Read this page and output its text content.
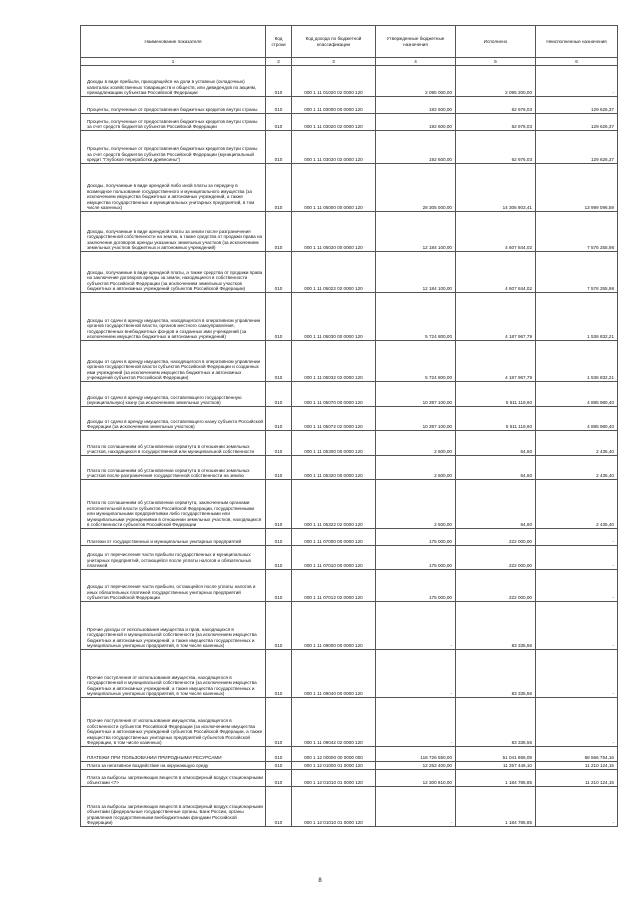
Наименование показателя	Код строки	Код дохода по бюджетной классификации	Утвержденные бюджетные назначения	Исполнено	Неисполненные назначения
1	2	3	4	5	6
Доходы в виде прибыли, приходящейся на доли в уставных (складочных) капиталах хозяйственных товариществ и обществ, или дивидендов по акциям, принадлежащим субъектам Российской Федерации	010	000 1 11 01020 02 0000 120	2 095 000,00	2 095 200,00	-
Проценты, полученные от предоставления бюджетных кредитов внутри страны	010	000 1 11 03000 00 0000 120	192 600,00	62 976,03	129 626,37
Проценты, полученные от предоставления бюджетных кредитов внутри страны за счет средств бюджетов субъектов Российской Федерации	010	000 1 11 03020 02 0000 120	192 600,00	62 976,03	129 626,37
Проценты, полученные от предоставления бюджетных кредитов внутри страны за счет средств бюджетов субъектов Российской Федерации (муниципальный кредит "Глубокое переработки древесины")	010	000 1 11 03020 02 0000 120	192 600,00	62 976,03	129 626,37
Доходы, получаемые в виде арендной либо иной платы за передачу в возмездное пользование государственного и муниципального имущества (за исключением имущества бюджетных и автономных учреждений, а также имущества государственных и муниципальных унитарных предприятий, в том числе казенных)	010	000 1 11 05000 00 0000 120	28 305 000,00	14 306 903,41	13 999 096,59
Доходы, получаемые в виде арендной платы за земли после разграничения государственной собственности на землю, а также средства от продажи права на заключение договоров аренды указанных земельных участков (за исключением земельных участков бюджетных и автономных учреждений)	010	000 1 11 05020 00 0000 120	12 184 100,00	4 607 844,02	7 576 255,98
Доходы, получаемые в виде арендной платы, а также средства от продажи права на заключение договоров аренды за земли, находящиеся в собственности субъектов Российской Федерации (за исключением земельных участков бюджетных и автономных учреждений субъектов Российской Федерации)	010	000 1 11 05022 02 0000 120	12 184 100,00	4 607 844,02	7 576 255,98
Доходы от сдачи в аренду имущества, находящегося в оперативном управлении органов государственной власти, органов местного самоуправления, государственных внебюджетных фондов и созданных ими учреждений (за исключением имущества бюджетных и автономных учреждений)	010	000 1 11 05030 00 0000 120	5 724 800,00	4 187 967,79	1 536 832,21
Доходы от сдачи в аренду имущества, находящегося в оперативном управлении органов государственной власти субъектов Российской Федерации и созданных ими учреждений (за исключением имущества бюджетных и автономных учреждений субъектов Российской Федерации)	010	000 1 11 05032 02 0000 120	5 724 800,00	4 187 967,79	1 536 832,21
Доходы от сдачи в аренду имущества, составляющего государственную (муниципальную) казну (за исключением земельных участков)	010	000 1 11 05070 00 0000 120	10 397 100,00	5 511 119,60	4 885 980,40
Доходы от сдачи в аренду имущества, составляющего казну субъекта Российской Федерации (за исключением земельных участков)	010	000 1 11 05072 02 0000 120	10 397 100,00	5 511 119,60	4 885 980,40
Плата по соглашениям об установлении сервитута в отношении земельных участков, находящихся в государственной или муниципальной собственности	010	000 1 11 05300 00 0000 120	2 500,00	64,60	2 435,40
Плата по соглашениям об установлении сервитута в отношении земельных участков после разграничения государственной собственности на землю	010	000 1 11 05320 00 0000 120	2 500,00	64,60	2 435,40
Плата по соглашениям об установлении сервитута, заключенным органами исполнительной власти субъектов Российской Федерации, государственными или муниципальными предприятиями либо государственными или муниципальными учреждениями в отношении земельных участков, находящихся в собственности субъектов Российской Федерации	010	000 1 11 05322 02 0000 120	2 500,00	64,60	2 435,40
Платежи от государственных и муниципальных унитарных предприятий	010	000 1 11 07000 00 0000 120	175 000,00	222 000,00	-
Доходы от перечисления части прибыли государственных и муниципальных унитарных предприятий, остающейся после уплаты налогов и обязательных платежей	010	000 1 11 07010 00 0000 120	175 000,00	222 000,00	-
Доходы от перечисления части прибыли, остающейся после уплаты налогов и иных обязательных платежей государственных унитарных предприятий субъектов Российской Федерации	010	000 1 11 07012 02 0000 120	175 000,00	222 000,00	-
Прочие доходы от использования имущества и прав, находящихся в государственной и муниципальной собственности (за исключением имущества бюджетных и автономных учреждений, а также имущества государственных и муниципальных унитарных предприятий, в том числе казенных)	010	000 1 11 09000 00 0000 120	-	83 335,56	-
Прочие поступления от использования имущества, находящегося в государственной и муниципальной собственности (за исключением имущества бюджетных и автономных учреждений, а также имущества государственных и муниципальных унитарных предприятий, в том числе казенных)	010	000 1 11 09040 00 0000 120	-	83 335,56	-
Прочие поступления от использования имущества, находящегося в собственности субъектов Российской Федерации (за исключением имущества бюджетных и автономных учреждений субъектов Российской Федерации, а также имущества государственных унитарных предприятий субъектов Российской Федерации, в том числе казенных)	010	000 1 11 09042 02 0000 120	-	83 335,56	-
ПЛАТЕЖИ ПРИ ПОЛЬЗОВАНИИ ПРИРОДНЫМИ РЕСУРСАМИ	010	000 1 12 00000 00 0000 000	118 726 550,00	51 041 966,09	68 566 764,16
Плата за негативное воздействие на окружающую среду	010	000 1 12 01000 01 0000 120	12 252 400,00	11 257 446,10	11 210 124,15
Плата за выбросы загрязняющих веществ в атмосферный воздух стационарными объектами <7>	010	000 1 12 01010 01 0000 120	12 300 810,00	1 184 785,85	11 210 124,15
Плата за выбросы загрязняющих веществ в атмосферный воздух стационарными объектами (федеральные государственные органы, Банк России, органы управления государственными внебюджетными фондами Российской Федерации)	010	000 1 12 01010 01 0000 120	-	1 184 785,85	-
8
